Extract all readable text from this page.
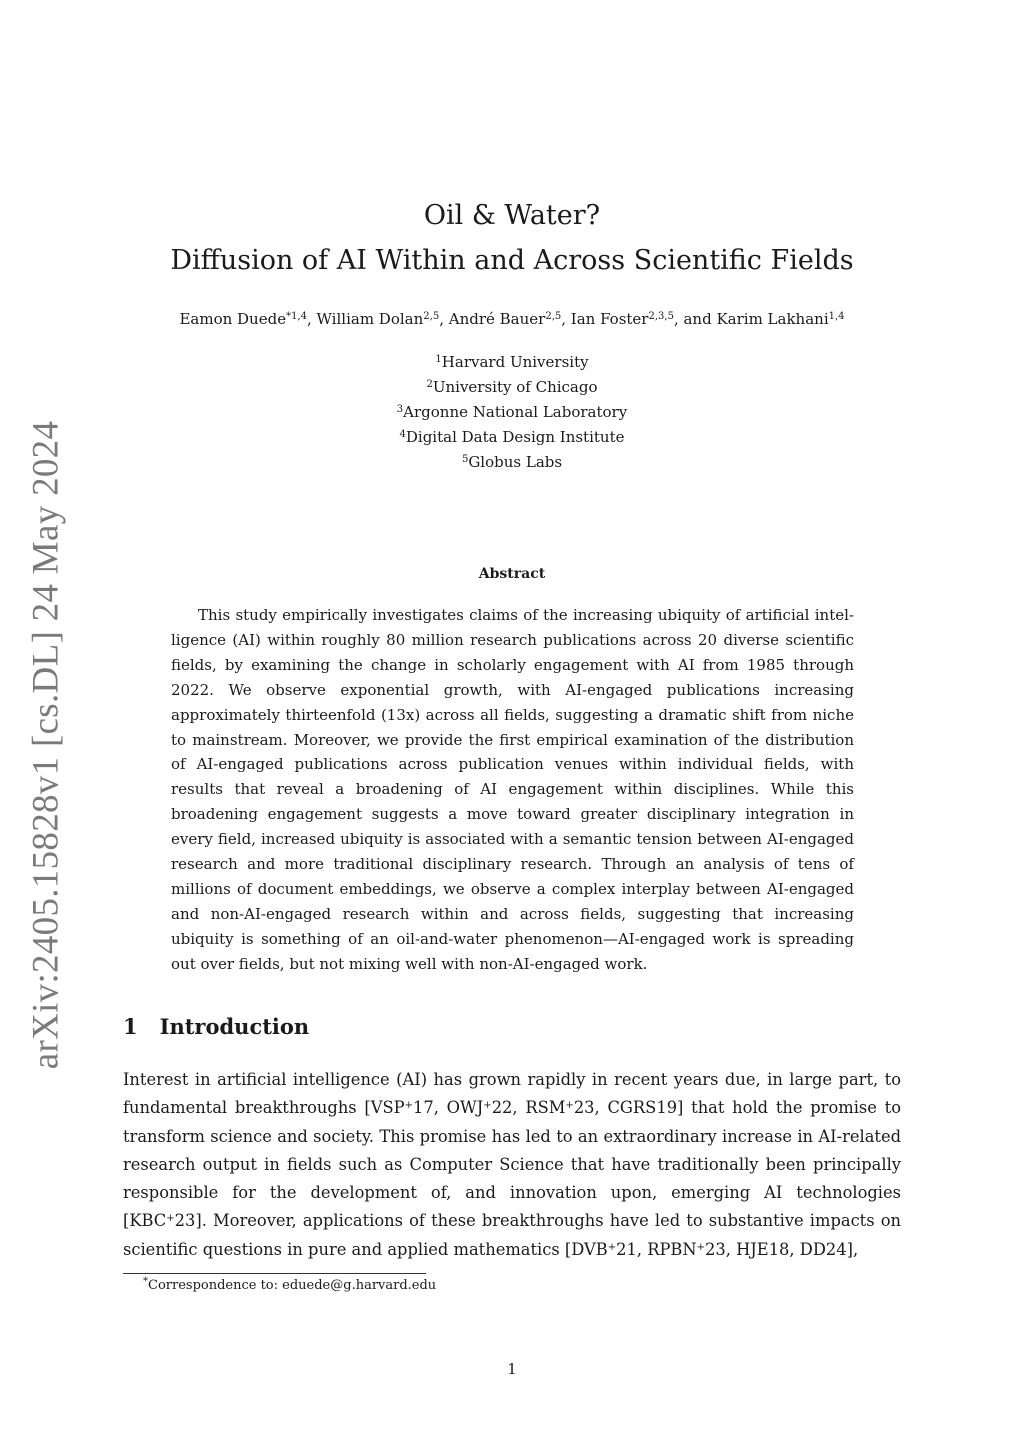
arXiv:2405.15828v1 [cs.DL] 24 May 2024
Oil & Water?
Diffusion of AI Within and Across Scientific Fields
Eamon Duede$^{*1,4}$, William Dolan$^{2,5}$, André Bauer$^{2,5}$, Ian Foster$^{2,3,5}$, and Karim Lakhani$^{1,4}$
$^1$Harvard University
$^2$University of Chicago
$^3$Argonne National Laboratory
$^4$Digital Data Design Institute
$^5$Globus Labs
Abstract

This study empirically investigates claims of the increasing ubiquity of artificial intelligence (AI) within roughly 80 million research publications across 20 diverse scientific fields, by examining the change in scholarly engagement with AI from 1985 through 2022. We observe exponential growth, with AI-engaged publications increasing approximately thirteenfold (13x) across all fields, suggesting a dramatic shift from niche to mainstream. Moreover, we provide the first empirical examination of the distribution of AI-engaged publications across publication venues within individual fields, with results that reveal a broadening of AI engagement within disciplines. While this broadening engagement suggests a move toward greater disciplinary integration in every field, increased ubiquity is associated with a semantic tension between AI-engaged research and more traditional disciplinary research. Through an analysis of tens of millions of document embeddings, we observe a complex interplay between AI-engaged and non-AI-engaged research within and across fields, suggesting that increasing ubiquity is something of an oil-and-water phenomenon—AI-engaged work is spreading out over fields, but not mixing well with non-AI-engaged work.

1 Introduction

Interest in artificial intelligence (AI) has grown rapidly in recent years due, in large part, to fundamental breakthroughs [VSP+17, OWJ+22, RSM+23, CGRS19] that hold the promise to transform science and society. This promise has led to an extraordinary increase in AI-related research output in fields such as Computer Science that have traditionally been principally responsible for the development of, and innovation upon, emerging AI technologies [KBC+23]. Moreover, applications of these breakthroughs have led to substantive impacts on scientific questions in pure and applied mathematics [DVB+21, RPBN+23, HJE18, DD24],

*Correspondence to: eduede@g.harvard.edu
1
